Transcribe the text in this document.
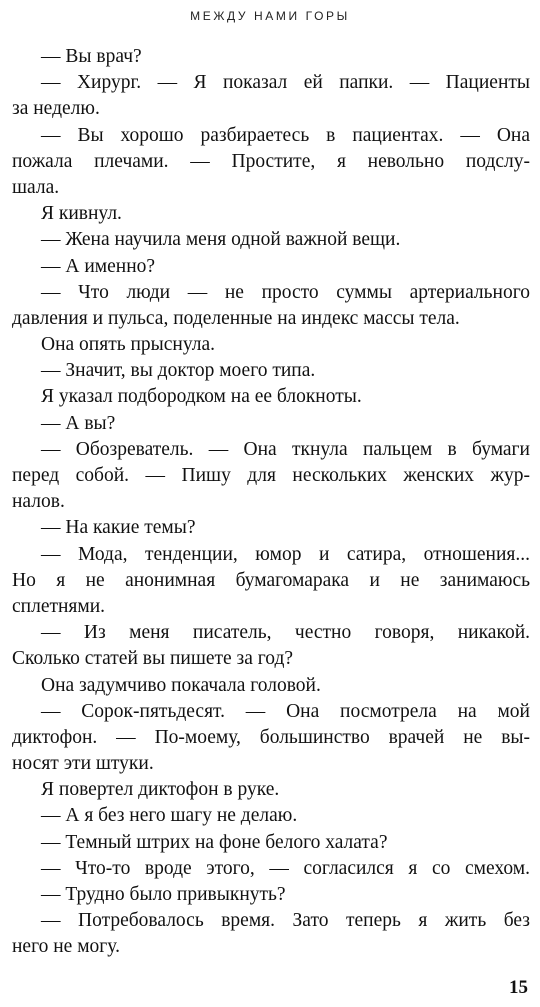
МЕЖДУ НАМИ ГОРЫ
— Вы врач?
— Хирург. — Я показал ей папки. — Пациенты
за неделю.
— Вы хорошо разбираетесь в пациентах. — Она
пожала плечами. — Простите, я невольно подслу-
шала.
Я кивнул.
— Жена научила меня одной важной вещи.
— А именно?
— Что люди — не просто суммы артериального
давления и пульса, поделенные на индекс массы тела.
Она опять прыснула.
— Значит, вы доктор моего типа.
Я указал подбородком на ее блокноты.
— А вы?
— Обозреватель. — Она ткнула пальцем в бумаги
перед собой. — Пишу для нескольких женских жур-
налов.
— На какие темы?
— Мода, тенденции, юмор и сатира, отношения...
Но я не анонимная бумагомарака и не занимаюсь
сплетнями.
— Из меня писатель, честно говоря, никакой.
Сколько статей вы пишете за год?
Она задумчиво покачала головой.
— Сорок-пятьдесят. — Она посмотрела на мой
диктофон. — По-моему, большинство врачей не вы-
носят эти штуки.
Я повертел диктофон в руке.
— А я без него шагу не делаю.
— Темный штрих на фоне белого халата?
— Что-то вроде этого, — согласился я со смехом.
— Трудно было привыкнуть?
— Потребовалось время. Зато теперь я жить без
него не могу.
15
